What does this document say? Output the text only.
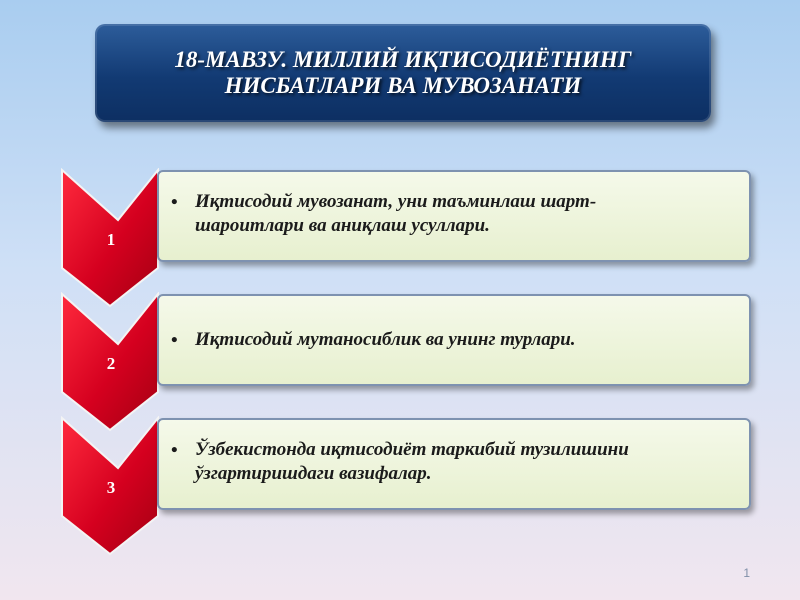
18-МАВЗУ. МИЛЛИЙ ИҚТИСОДИЁТНИНГ
НИСБАТЛАРИ ВА МУВОЗАНАТИ
1
• Иқтисодий мувозанат, уни таъминлаш шарт-
шароитлари ва аниқлаш усуллари.
2
• Иқтисодий мутаносиблик ва унинг турлари.
3
• Ўзбекистонда иқтисодиёт таркибий тузилишини
ўзгартиришдаги вазифалар.
1
